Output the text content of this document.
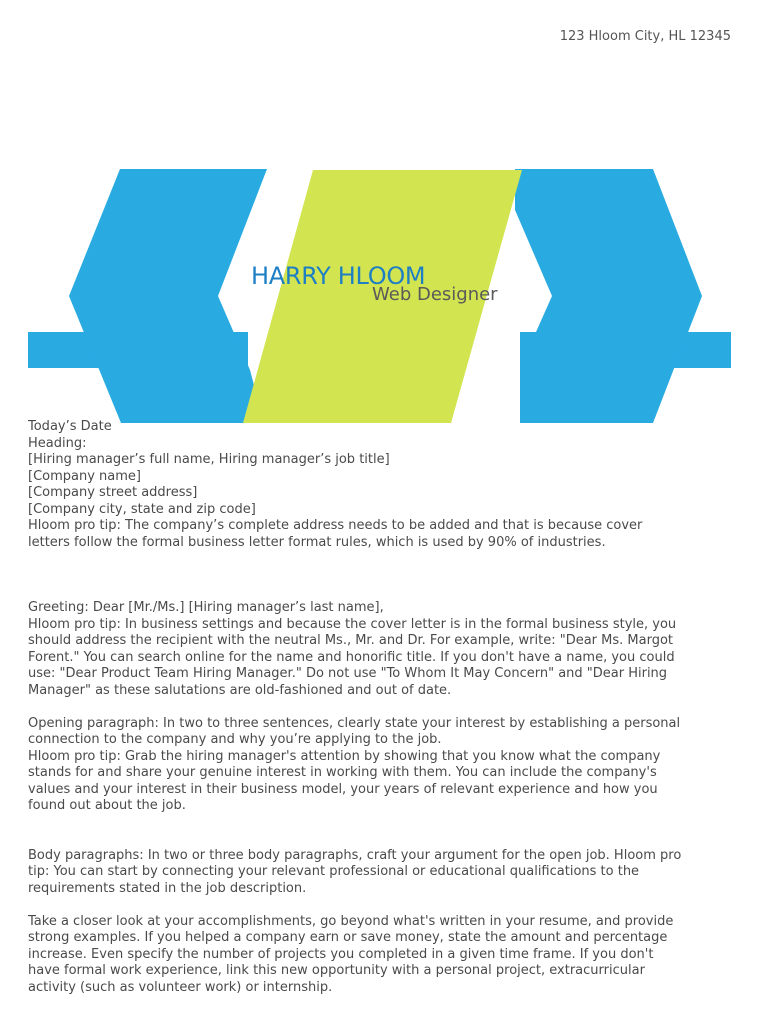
123 Hloom City, HL 12345
HARRY HLOOM
Web Designer
Today’s Date
Heading:
[Hiring manager’s full name, Hiring manager’s job title]
[Company name]
[Company street address]
[Company city, state and zip code]
Hloom pro tip: The company’s complete address needs to be added and that is because cover
letters follow the formal business letter format rules, which is used by 90% of industries.
Greeting: Dear [Mr./Ms.] [Hiring manager’s last name],
Hloom pro tip: In business settings and because the cover letter is in the formal business style, you
should address the recipient with the neutral Ms., Mr. and Dr. For example, write: "Dear Ms. Margot
Forent." You can search online for the name and honorific title. If you don't have a name, you could
use: "Dear Product Team Hiring Manager." Do not use "To Whom It May Concern" and "Dear Hiring
Manager" as these salutations are old-fashioned and out of date.
Opening paragraph: In two to three sentences, clearly state your interest by establishing a personal
connection to the company and why you’re applying to the job.
Hloom pro tip: Grab the hiring manager's attention by showing that you know what the company
stands for and share your genuine interest in working with them. You can include the company's
values and your interest in their business model, your years of relevant experience and how you
found out about the job.
Body paragraphs: In two or three body paragraphs, craft your argument for the open job. Hloom pro
tip: You can start by connecting your relevant professional or educational qualifications to the
requirements stated in the job description.
Take a closer look at your accomplishments, go beyond what's written in your resume, and provide
strong examples. If you helped a company earn or save money, state the amount and percentage
increase. Even specify the number of projects you completed in a given time frame. If you don't
have formal work experience, link this new opportunity with a personal project, extracurricular
activity (such as volunteer work) or internship.
